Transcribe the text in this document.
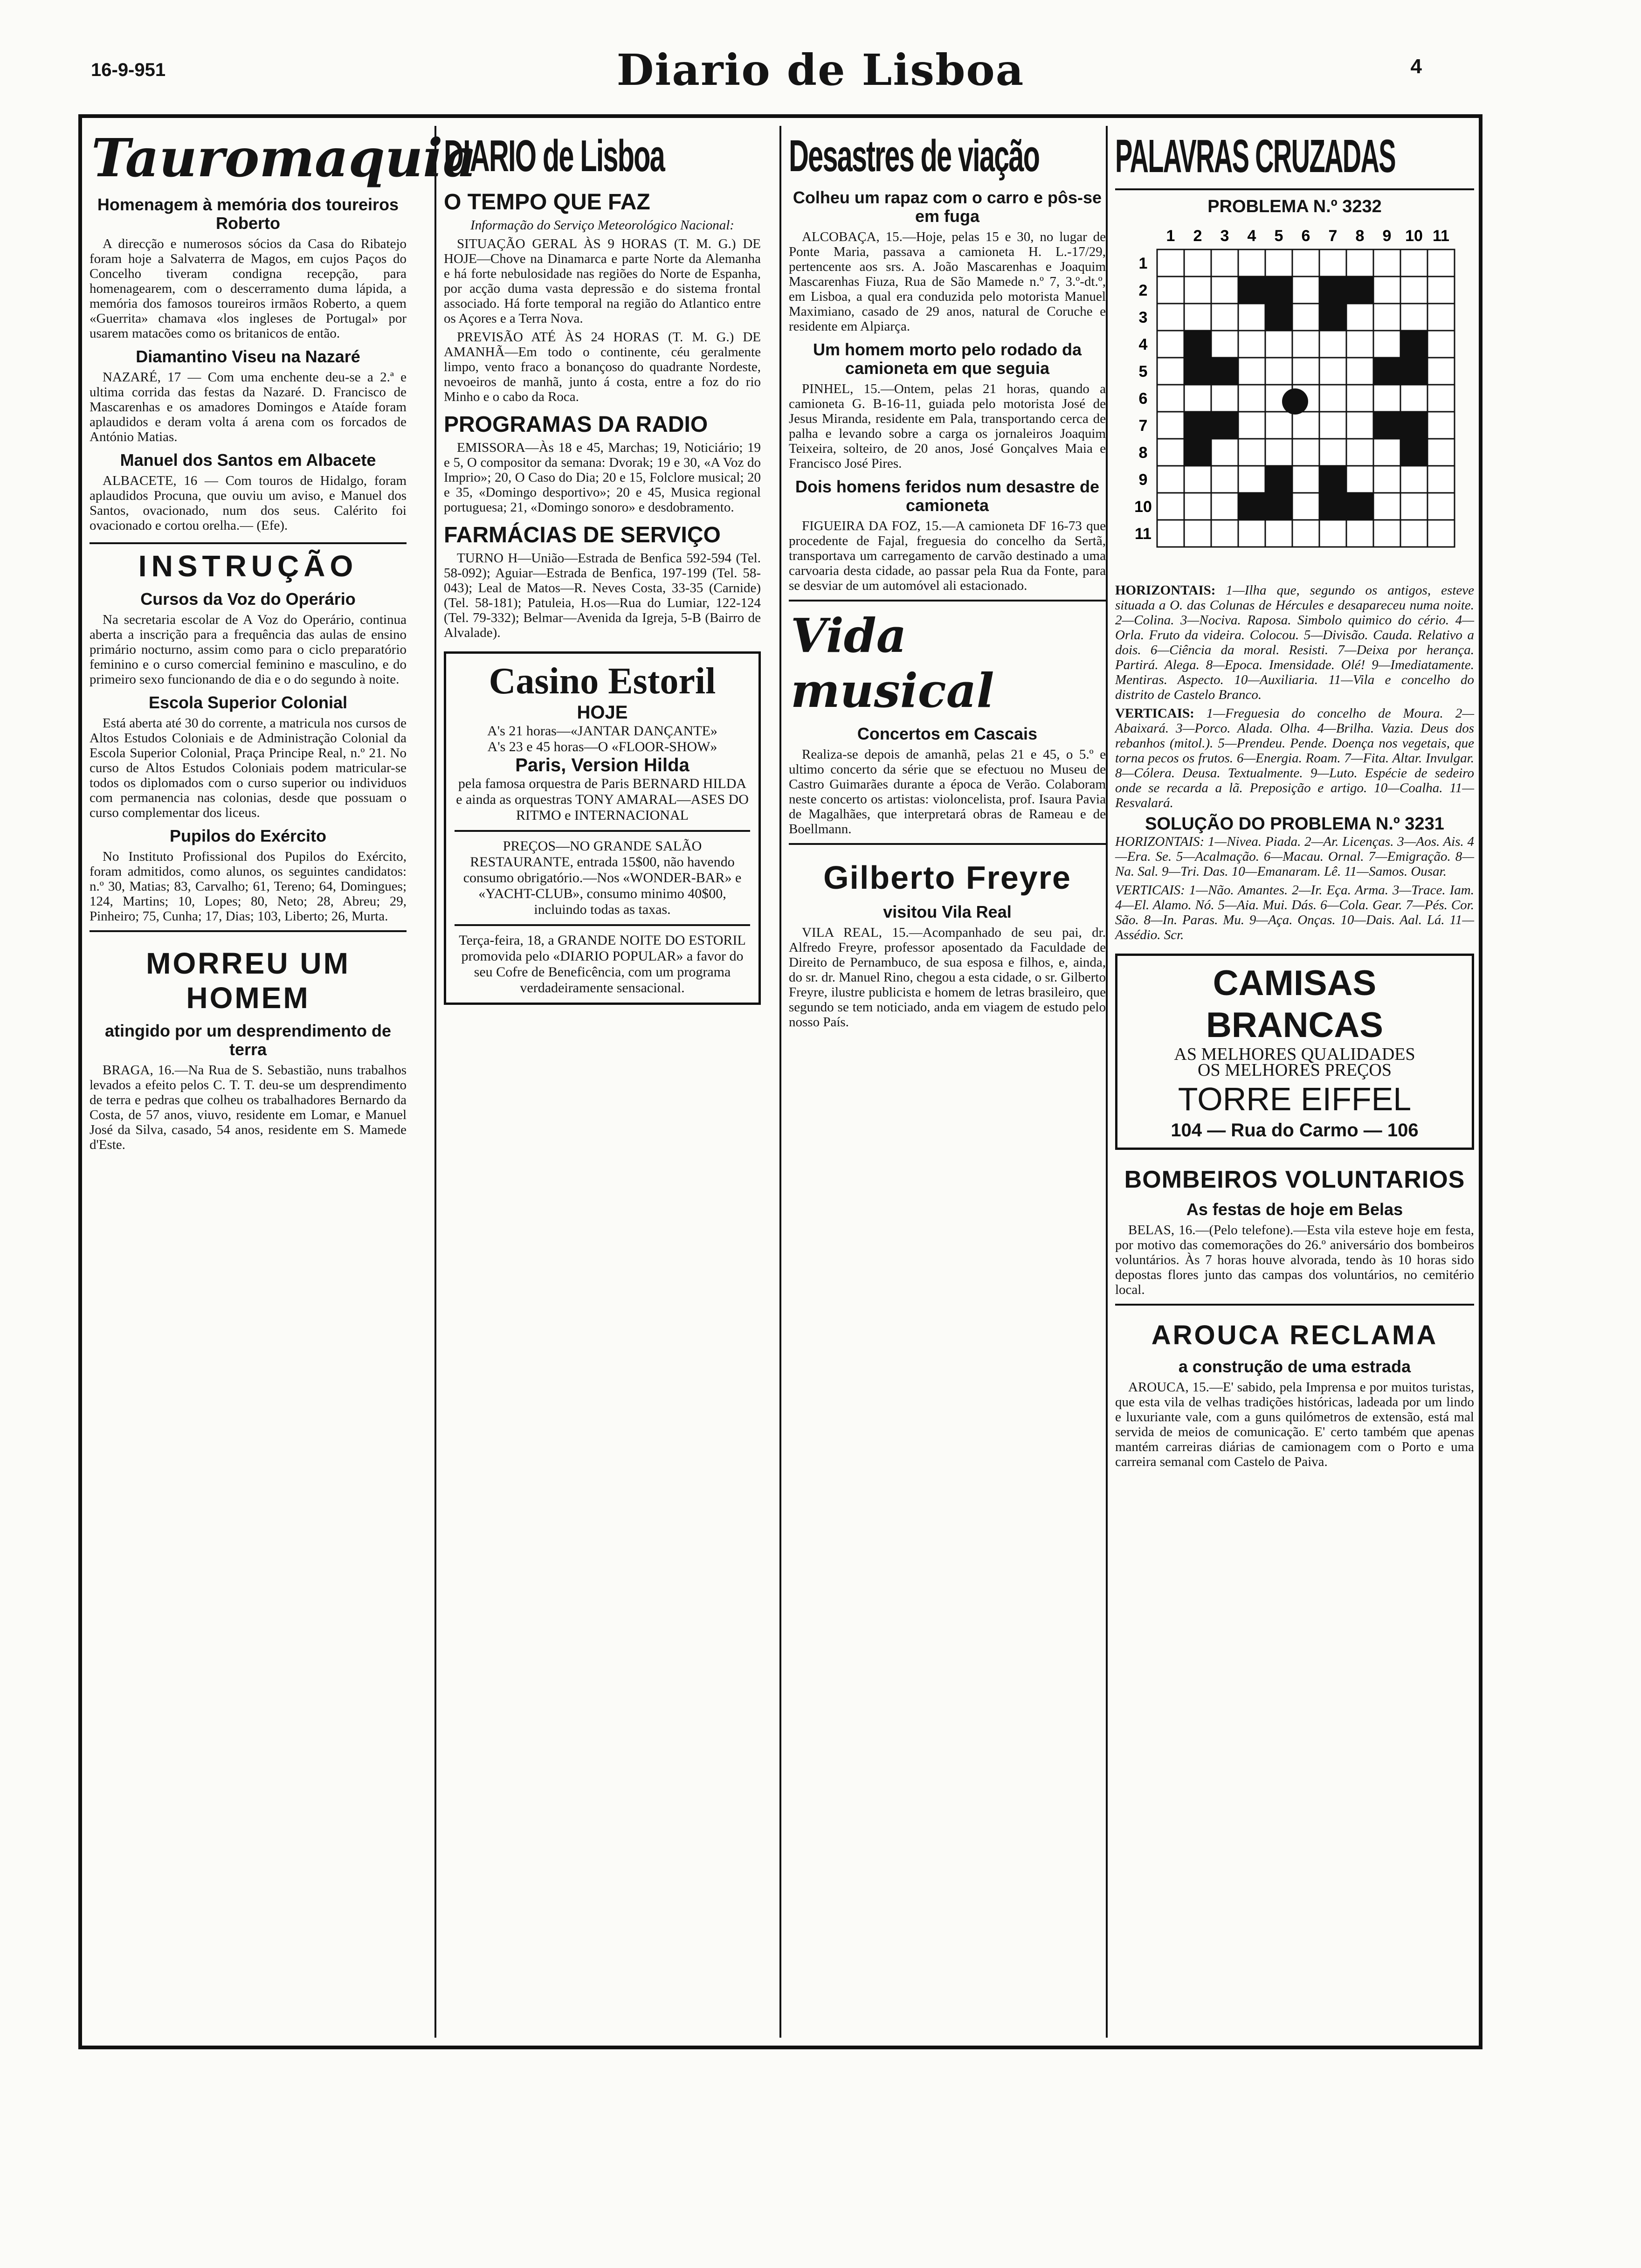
16-9-951	Diario de Lisboa	4
Tauromaquia
Homenagem à memória dos toureiros Roberto

A direcção e numerosos sócios da Casa do Ribatejo foram hoje a Salvaterra de Magos, em cujos Paços do Concelho tiveram condigna recepção, para homenagearem, com o descerramento duma lápida, a memória dos famosos toureiros irmãos Roberto, a quem «Guerrita» chamava «los ingleses de Portugal» por usarem matacões como os britanicos de então.

Diamantino Viseu na Nazaré

NAZARÉ, 17 — Com uma enchente deu-se a 2.ª e ultima corrida das festas da Nazaré. D. Francisco de Mascarenhas e os amadores Domingos e Ataíde foram aplaudidos e deram volta á arena com os forcados de António Matias.

Manuel dos Santos em Albacete

ALBACETE, 16 — Com touros de Hidalgo, foram aplaudidos Procuna, que ouviu um aviso, e Manuel dos Santos, ovacionado, num dos seus. Calérito foi ovacionado e cortou orelha.— (Efe).

INSTRUÇÃO
Cursos da Voz do Operário

Na secretaria escolar de A Voz do Operário, continua aberta a inscrição para a frequência das aulas de ensino primário nocturno, assim como para o ciclo preparatório feminino e o curso comercial feminino e masculino, e do primeiro sexo funcionando de dia e o do segundo à noite.

Escola Superior Colonial

Está aberta até 30 do corrente, a matricula nos cursos de Altos Estudos Coloniais e de Administração Colonial da Escola Superior Colonial, Praça Principe Real, n.º 21. No curso de Altos Estudos Coloniais podem matricular-se todos os diplomados com o curso superior ou individuos com permanencia nas colonias, desde que possuam o curso complementar dos liceus.

Pupilos do Exército

No Instituto Profissional dos Pupilos do Exército, foram admitidos, como alunos, os seguintes candidatos: n.º 30, Matias; 83, Carvalho; 61, Tereno; 64, Domingues; 124, Martins; 10, Lopes; 80, Neto; 28, Abreu; 29, Pinheiro; 75, Cunha; 17, Dias; 103, Liberto; 26, Murta.

MORREU UM HOMEM
atingido por um desprendimento de terra

BRAGA, 16.—Na Rua de S. Sebastião, nuns trabalhos levados a efeito pelos C. T. T. deu-se um desprendimento de terra e pedras que colheu os trabalhadores Bernardo da Costa, de 57 anos, viuvo, residente em Lomar, e Manuel José da Silva, casado, 54 anos, residente em S. Mamede d'Este.

DIARIO de Lisboa
O TEMPO QUE FAZ
Informação do Serviço Meteorológico Nacional:

SITUAÇÃO GERAL ÀS 9 HORAS (T. M. G.) DE HOJE—Chove na Dinamarca e parte Norte da Alemanha e há forte nebulosidade nas regiões do Norte de Espanha, por acção duma vasta depressão e do sistema frontal associado. Há forte temporal na região do Atlantico entre os Açores e a Terra Nova.

PREVISÃO ATÉ ÀS 24 HORAS (T. M. G.) DE AMANHÃ—Em todo o continente, céu geralmente limpo, vento fraco a bonançoso do quadrante Nordeste, nevoeiros de manhã, junto á costa, entre a foz do rio Minho e o cabo da Roca.

PROGRAMAS DA RADIO

EMISSORA—Às 18 e 45, Marchas; 19, Noticiário; 19 e 5, O compositor da semana: Dvorak; 19 e 30, «A Voz do Imprio»; 20, O Caso do Dia; 20 e 15, Folclore musical; 20 e 35, «Domingo desportivo»; 20 e 45, Musica regional portuguesa; 21, «Domingo sonoro» e desdobramento.

FARMÁCIAS DE SERVIÇO

TURNO H—União—Estrada de Benfica 592-594 (Tel. 58-092); Aguiar—Estrada de Benfica, 197-199 (Tel. 58-043); Leal de Matos—R. Neves Costa, 33-35 (Carnide) (Tel. 58-181); Patuleia, H.os—Rua do Lumiar, 122-124 (Tel. 79-332); Belmar—Avenida da Igreja, 5-B (Bairro de Alvalade).

Casino Estoril
HOJE
A's 21 horas—«JANTAR DANÇANTE»
A's 23 e 45 horas—O «FLOOR-SHOW»
Paris, Version Hilda
pela famosa orquestra de Paris BERNARD HILDA e ainda as orquestras TONY AMARAL—ASES DO RITMO e INTERNACIONAL
PREÇOS—NO GRANDE SALÃO RESTAURANTE, entrada 15$00, não havendo consumo obrigatório.—Nos «WONDER-BAR» e «YACHT-CLUB», consumo minimo 40$00, incluindo todas as taxas.
Terça-feira, 18, a GRANDE NOITE DO ESTORIL promovida pelo «DIARIO POPULAR» a favor do seu Cofre de Beneficência, com um programa verdadeiramente sensacional.
Desastres de viação
Colheu um rapaz com o carro e pôs-se em fuga

ALCOBAÇA, 15.—Hoje, pelas 15 e 30, no lugar de Ponte Maria, passava a camioneta H. L.-17/29, pertencente aos srs. A. João Mascarenhas e Joaquim Mascarenhas Fiuza, Rua de São Mamede n.º 7, 3.º-dt.º, em Lisboa, a qual era conduzida pelo motorista Manuel Maximiano, casado de 29 anos, natural de Coruche e residente em Alpiarça.

Um homem morto pelo rodado da camioneta em que seguia

PINHEL, 15.—Ontem, pelas 21 horas, quando a camioneta G. B-16-11, guiada pelo motorista José de Jesus Miranda, residente em Pala, transportando cerca de palha e levando sobre a carga os jornaleiros Joaquim Teixeira, solteiro, de 20 anos, José Gonçalves Maia e Francisco José Pires.

Dois homens feridos num desastre de camioneta

FIGUEIRA DA FOZ, 15.—A camioneta DF 16-73 que procedente de Fajal, freguesia do concelho da Sertã, transportava um carregamento de carvão destinado a uma carvoaria desta cidade, ao passar pela Rua da Fonte, para se desviar de um automóvel ali estacionado.

Vida musical
Concertos em Cascais

Realiza-se depois de amanhã, pelas 21 e 45, o 5.º e ultimo concerto da série que se efectuou no Museu de Castro Guimarães durante a época de Verão. Colaboram neste concerto os artistas: violoncelista, prof. Isaura Pavia de Magalhães, que interpretará obras de Rameau e de Boellmann.

Gilberto Freyre
visitou Vila Real

VILA REAL, 15.—Acompanhado de seu pai, dr. Alfredo Freyre, professor aposentado da Faculdade de Direito de Pernambuco, de sua esposa e filhos, e, ainda, do sr. dr. Manuel Rino, chegou a esta cidade, o sr. Gilberto Freyre, ilustre publicista e homem de letras brasileiro, que segundo se tem noticiado, anda em viagem de estudo pelo nosso País.

PALAVRAS CRUZADAS
PROBLEMA N.º 3232
1
1
2
2
3
3
4
4
5
5
6
6
7
7
8
8
9
9
10
10
11
11

HORIZONTAIS: 1—Ilha que, segundo os antigos, esteve situada a O. das Colunas de Hércules e desapareceu numa noite. 2—Colina. 3—Nociva. Raposa. Simbolo quimico do cério. 4—Orla. Fruto da videira. Colocou. 5—Divisão. Cauda. Relativo a dois. 6—Ciência da moral. Resisti. 7—Deixa por herança. Partirá. Alega. 8—Epoca. Imensidade. Olé! 9—Imediatamente. Mentiras. Aspecto. 10—Auxiliaria. 11—Vila e concelho do distrito de Castelo Branco.

VERTICAIS: 1—Freguesia do concelho de Moura. 2—Abaixará. 3—Porco. Alada. Olha. 4—Brilha. Vazia. Deus dos rebanhos (mitol.). 5—Prendeu. Pende. Doença nos vegetais, que torna pecos os frutos. 6—Energia. Roam. 7—Fita. Altar. Invulgar. 8—Cólera. Deusa. Textualmente. 9—Luto. Espécie de sedeiro onde se recarda a lã. Preposição e artigo. 10—Coalha. 11—Resvalará.

SOLUÇÃO DO PROBLEMA N.º 3231

HORIZONTAIS: 1—Nivea. Piada. 2—Ar. Licenças. 3—Aos. Ais. 4—Era. Se. 5—Acalmação. 6—Macau. Ornal. 7—Emigração. 8—Na. Sal. 9—Tri. Das. 10—Emanaram. Lê. 11—Samos. Ousar.

VERTICAIS: 1—Não. Amantes. 2—Ir. Eça. Arma. 3—Trace. Iam. 4—El. Alamo. Nó. 5—Aia. Mui. Dás. 6—Cola. Gear. 7—Pés. Cor. São. 8—In. Paras. Mu. 9—Aça. Onças. 10—Dais. Aal. Lá. 11—Assédio. Scr.

CAMISAS BRANCAS
AS MELHORES QUALIDADES
OS MELHORES PREÇOS
TORRE EIFFEL
104 — Rua do Carmo — 106
BOMBEIROS VOLUNTARIOS
As festas de hoje em Belas

BELAS, 16.—(Pelo telefone).—Esta vila esteve hoje em festa, por motivo das comemorações do 26.º aniversário dos bombeiros voluntários. Às 7 horas houve alvorada, tendo às 10 horas sido depostas flores junto das campas dos voluntários, no cemitério local.

AROUCA RECLAMA
a construção de uma estrada

AROUCA, 15.—E' sabido, pela Imprensa e por muitos turistas, que esta vila de velhas tradições históricas, ladeada por um lindo e luxuriante vale, com a guns quilómetros de extensão, está mal servida de meios de comunicação. E' certo também que apenas mantém carreiras diárias de camionagem com o Porto e uma carreira semanal com Castelo de Paiva.
